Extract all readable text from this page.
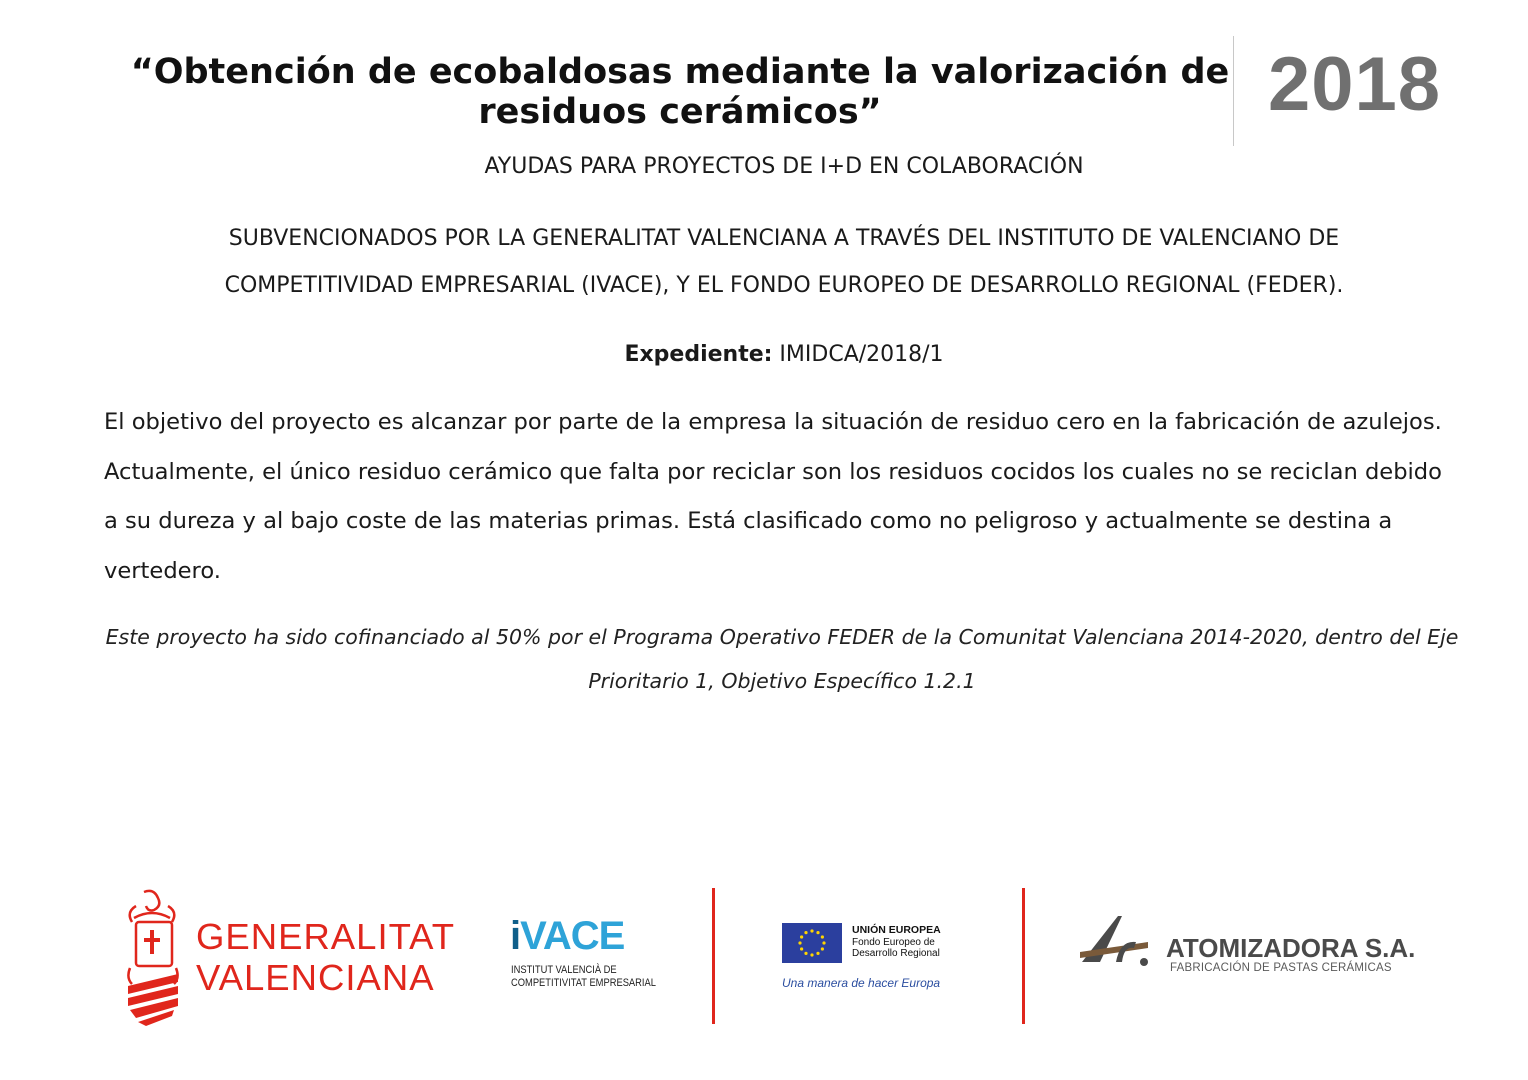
“Obtención de ecobaldosas mediante la valorización de
residuos cerámicos”	2018
AYUDAS PARA PROYECTOS DE I+D EN COLABORACIÓN
SUBVENCIONADOS POR LA GENERALITAT VALENCIANA A TRAVÉS DEL INSTITUTO DE VALENCIANO DE COMPETITIVIDAD EMPRESARIAL (IVACE), Y EL FONDO EUROPEO DE DESARROLLO REGIONAL (FEDER).
Expediente: IMIDCA/2018/1
El objetivo del proyecto es alcanzar por parte de la empresa la situación de residuo cero en la fabricación de azulejos. Actualmente, el único residuo cerámico que falta por reciclar son los residuos cocidos los cuales no se reciclan debido a su dureza y al bajo coste de las materias primas. Está clasificado como no peligroso y actualmente se destina a vertedero.
Este proyecto ha sido cofinanciado al 50% por el Programa Operativo FEDER de la Comunitat Valenciana 2014-2020, dentro del Eje Prioritario 1, Objetivo Específico 1.2.1
GENERALITAT
VALENCIANA
iVACE
INSTITUT VALENCIÀ DE
COMPETITIVITAT EMPRESARIAL
UNIÓN EUROPEA
Fondo Europeo de Desarrollo Regional
Una manera de hacer Europa
ATOMIZADORA S.A.
FABRICACIÓN DE PASTAS CERÁMICAS
